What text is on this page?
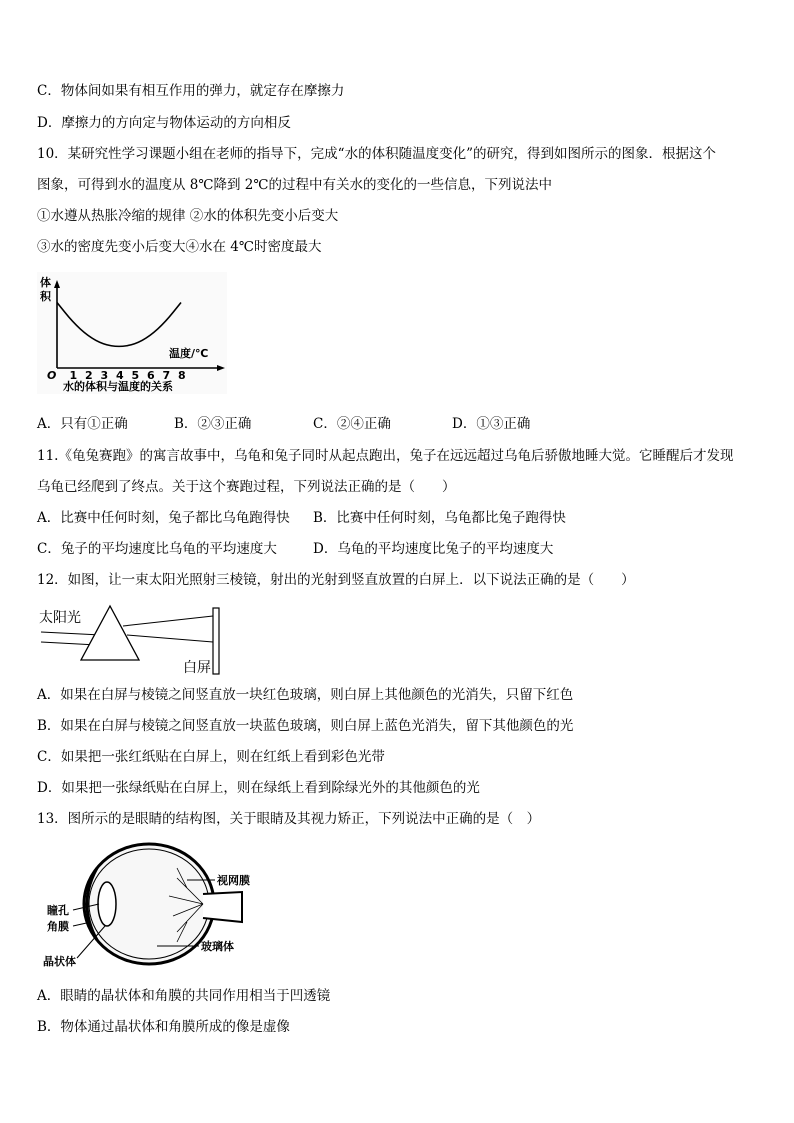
C．物体间如果有相互作用的弹力，就定存在摩擦力
D．摩擦力的方向定与物体运动的方向相反
10．某研究性学习课题小组在老师的指导下，完成“水的体积随温度变化”的研究，得到如图所示的图象．根据这个
图象，可得到水的温度从 8℃降到 2℃的过程中有关水的变化的一些信息，下列说法中
①水遵从热胀冷缩的规律 ②水的体积先变小后变大
③水的密度先变小后变大④水在 4℃时密度最大
体
积
温度/℃
O 1 2 3 4 5 6 7 8
水的体积与温度的关系
A．只有①正确	B．②③正确	C．②④正确	D．①③正确
11.《龟兔赛跑》的寓言故事中，乌龟和兔子同时从起点跑出，兔子在远远超过乌龟后骄傲地睡大觉。它睡醒后才发现
乌龟已经爬到了终点。关于这个赛跑过程，下列说法正确的是（　　）
A．比赛中任何时刻，兔子都比乌龟跑得快 B．比赛中任何时刻，乌龟都比兔子跑得快
C．兔子的平均速度比乌龟的平均速度大	D．乌龟的平均速度比兔子的平均速度大
12．如图，让一束太阳光照射三棱镜，射出的光射到竖直放置的白屏上．以下说法正确的是（　　）
太阳光
白屏
A．如果在白屏与棱镜之间竖直放一块红色玻璃，则白屏上其他颜色的光消失，只留下红色
B．如果在白屏与棱镜之间竖直放一块蓝色玻璃，则白屏上蓝色光消失，留下其他颜色的光
C．如果把一张红纸贴在白屏上，则在红纸上看到彩色光带
D．如果把一张绿纸贴在白屏上，则在绿纸上看到除绿光外的其他颜色的光
13．图所示的是眼睛的结构图，关于眼睛及其视力矫正，下列说法中正确的是（　）
视网膜
瞳孔
角膜
玻璃体
晶状体
A．眼睛的晶状体和角膜的共同作用相当于凹透镜
B．物体通过晶状体和角膜所成的像是虚像
